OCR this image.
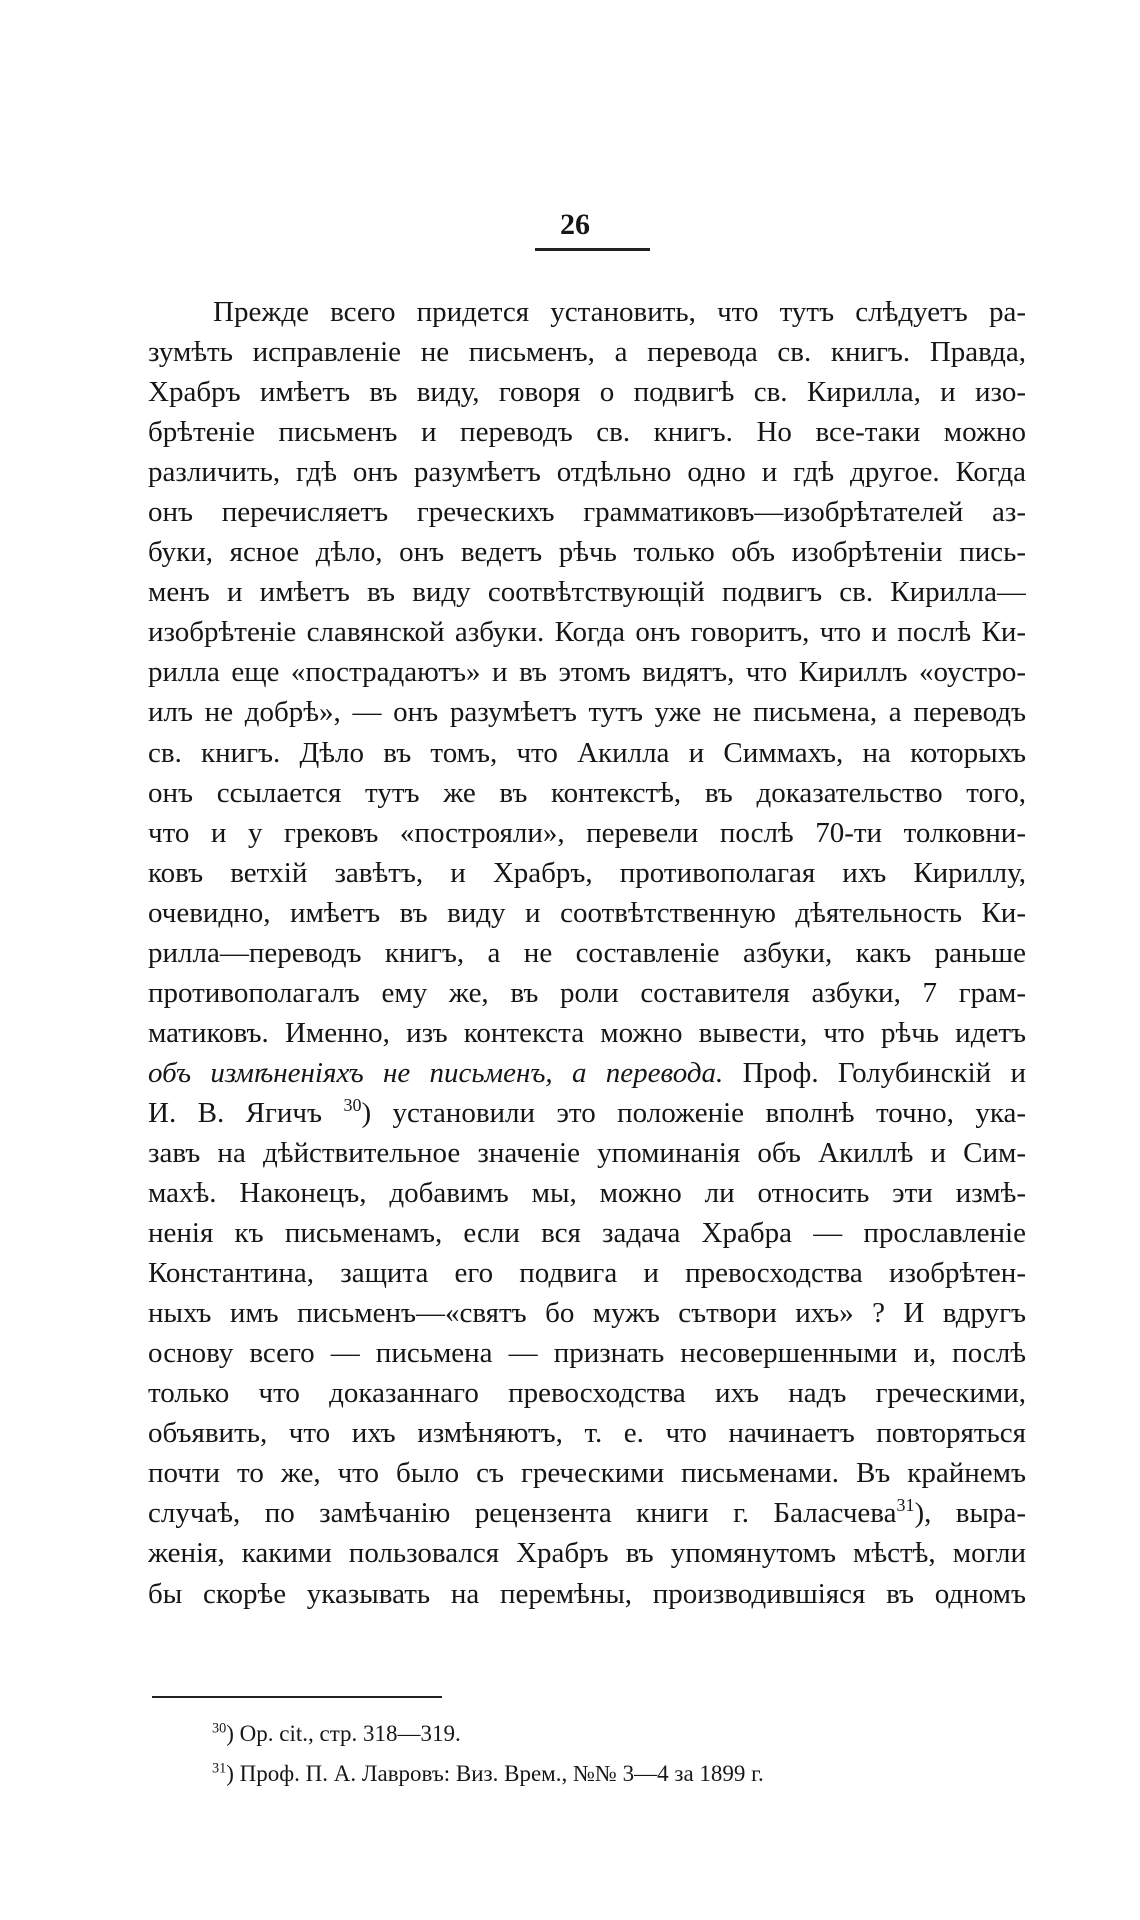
26
Прежде всего придется установить, что тутъ слѣдуетъ ра-
зумѣть исправленіе не письменъ, а перевода св. книгъ. Правда,
Храбръ имѣетъ въ виду, говоря о подвигѣ св. Кирилла, и изо-
брѣтеніе письменъ и переводъ св. книгъ. Но все-таки можно
различить, гдѣ онъ разумѣетъ отдѣльно одно и гдѣ другое. Когда
онъ перечисляетъ греческихъ грамматиковъ—изобрѣтателей аз-
буки, ясное дѣло, онъ ведетъ рѣчь только объ изобрѣтеніи пись-
менъ и имѣетъ въ виду соотвѣтствующій подвигъ св. Кирилла—
изобрѣтеніе славянской азбуки. Когда онъ говоритъ, что и послѣ Ки-
рилла еще «пострадаютъ» и въ этомъ видятъ, что Кириллъ «оустро-
илъ не добрѣ», — онъ разумѣетъ тутъ уже не письмена, а переводъ
св. книгъ. Дѣло въ томъ, что Акилла и Симмахъ, на которыхъ
онъ ссылается тутъ же въ контекстѣ, въ доказательство того,
что и у грековъ «построяли», перевели послѣ 70-ти толковни-
ковъ ветхій завѣтъ, и Храбръ, противополагая ихъ Кириллу,
очевидно, имѣетъ въ виду и соотвѣтственную дѣятельность Ки-
рилла—переводъ книгъ, а не составленіе азбуки, какъ раньше
противополагалъ ему же, въ роли составителя азбуки, 7 грам-
матиковъ. Именно, изъ контекста можно вывести, что рѣчь идетъ
объ измѣненіяхъ не письменъ, а перевода. Проф. Голубинскій и
И. В. Ягичъ $^{30}$) установили это положеніе вполнѣ точно, ука-
завъ на дѣйствительное значеніе упоминанія объ Акиллѣ и Сим-
махѣ. Наконецъ, добавимъ мы, можно ли относить эти измѣ-
ненія къ письменамъ, если вся задача Храбра — прославленіе
Константина, защита его подвига и превосходства изобрѣтен-
ныхъ имъ письменъ—«святъ бо мужъ сътвори ихъ» ? И вдругъ
основу всего — письмена — признать несовершенными и, послѣ
только что доказаннаго превосходства ихъ надъ греческими,
объявить, что ихъ измѣняютъ, т. е. что начинаетъ повторяться
почти то же, что было съ греческими письменами. Въ крайнемъ
случаѣ, по замѣчанію рецензента книги г. Баласчева$^{31}$), выра-
женія, какими пользовался Храбръ въ упомянутомъ мѣстѣ, могли
бы скорѣе указывать на перемѣны, производившіяся въ одномъ
$^{30}$) Op. cit., стр. 318—319.
$^{31}$) Проф. П. А. Лавровъ: Виз. Врем., №№ 3—4 за 1899 г.
